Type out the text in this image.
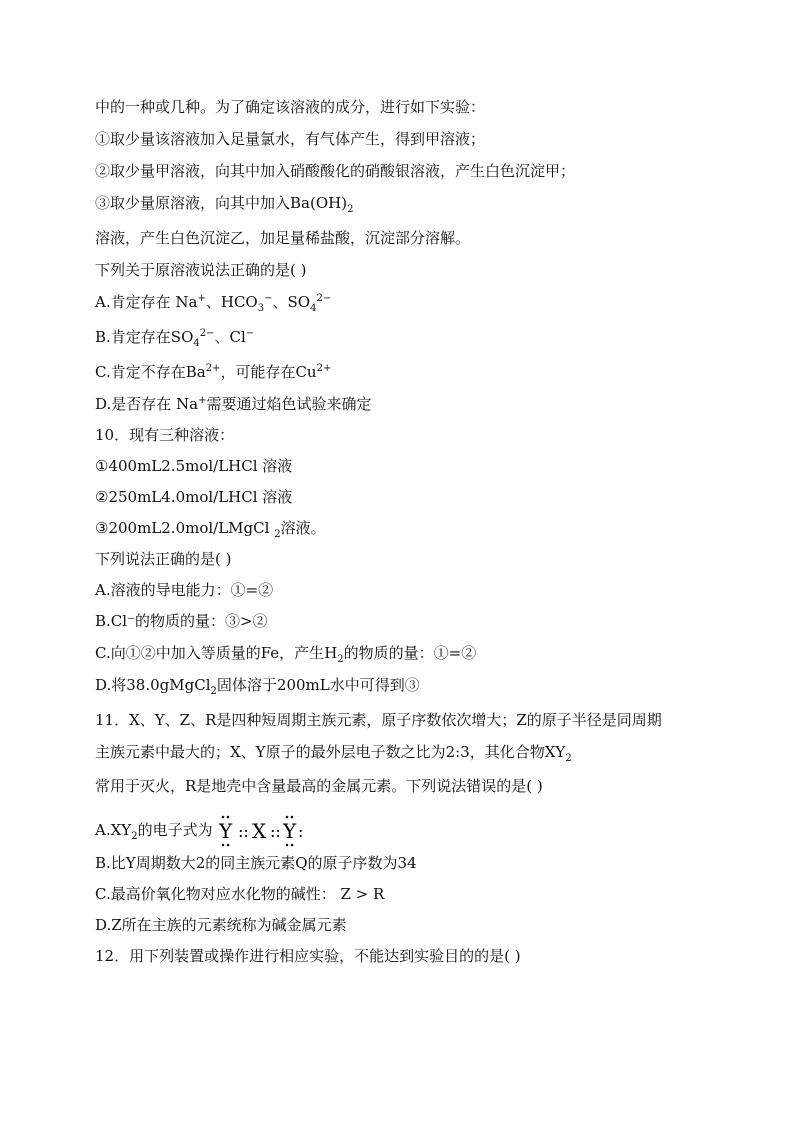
中的一种或几种。为了确定该溶液的成分，进行如下实验：
①取少量该溶液加入足量氯水，有气体产生，得到甲溶液；
②取少量甲溶液，向其中加入硝酸酸化的硝酸银溶液，产生白色沉淀甲；
③取少量原溶液，向其中加入$Ba(OH)_2$
溶液，产生白色沉淀乙，加足量稀盐酸，沉淀部分溶解。
下列关于原溶液说法正确的是( )
A.肯定存在 Na+、$HCO_3^-$、$SO_4^{2-}$
B.肯定存在$SO_4^{2-}$、Cl−
C.肯定不存在$Ba^{2+}$，可能存在$Cu^{2+}$
D.是否存在 Na+需要通过焰色试验来确定
10．现有三种溶液：
①400mL2.5mol/LHCl 溶液
②250mL4.0mol/LHCl 溶液
③200mL2.0mol/LMgCl $_2$溶液。
下列说法正确的是( )
A.溶液的导电能力：①=②
B.Cl⁻的物质的量：③>②
C.向①②中加入等质量的Fe，产生$H_2$的物质的量：①=②
D.将38.0gMgCl$_2$固体溶于200mL水中可得到③
11．X、Y、Z、R是四种短周期主族元素，原子序数依次增大；Z的原子半径是同周期
主族元素中最大的；X、Y原子的最外层电子数之比为2:3，其化合物$XY_2$
常用于灭火，R是地壳中含量最高的金属元素。下列说法错误的是( )
$A.XY_2$的电子式为 Y :: X :: Y :
B.比Y周期数大2的同主族元素Q的原子序数为34
C.最高价氧化物对应水化物的碱性： Z > R
D.Z所在主族的元素统称为碱金属元素
12．用下列装置或操作进行相应实验，不能达到实验目的的是( )
